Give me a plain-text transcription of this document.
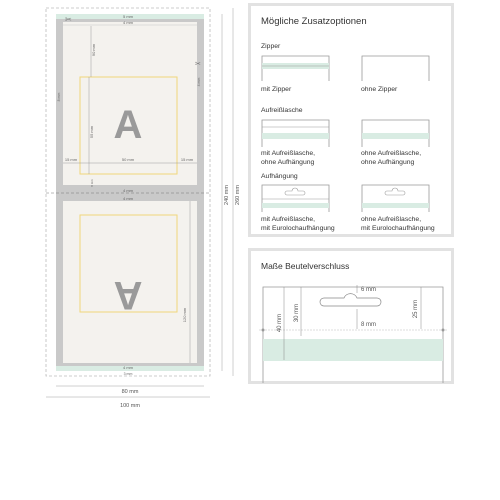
A
A
✂
✂
5 mm
4 mm
90 mm
8 mm
4 mm
55 mm
15 mm	50 mm	15 mm
8 mm
4 mm
4 mm
120 mm
4 mm
3 mm
80 mm
100 mm
240 mm 260 mm
Mögliche Zusatzoptionen
Zipper
mit Zipper	ohne Zipper
Aufreißlasche
mit Aufreißlasche,
ohne Aufhängung
ohne Aufreißlasche,
ohne Aufhängung
Aufhängung
mit Aufreißlasche,
mit Eurolochaufhängung
ohne Aufreißlasche,
mit Eurolochaufhängung
Maße Beutelverschluss
40 mm
30 mm
6 mm
8 mm
25 mm
